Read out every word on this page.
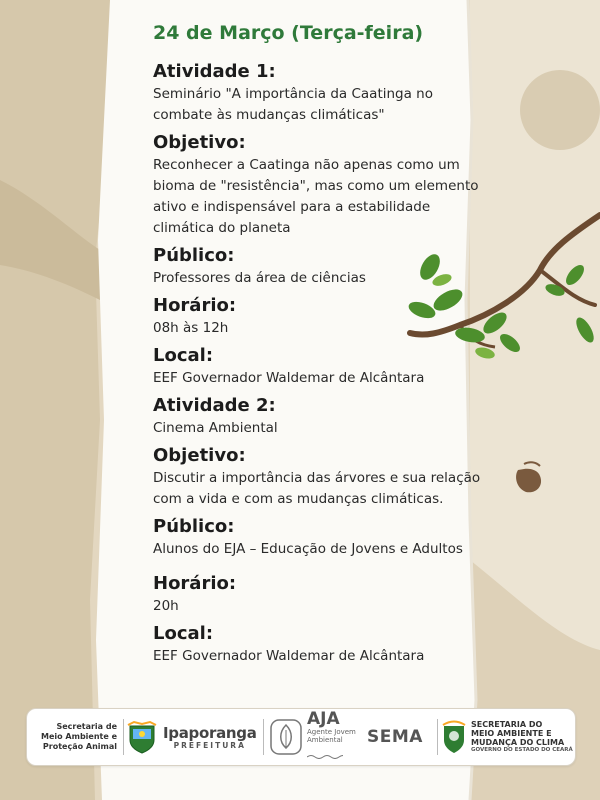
24 de Março (Terça-feira)

Atividade 1:

Seminário "A importância da Caatinga no combate às mudanças climáticas"

Objetivo:

Reconhecer a Caatinga não apenas como um bioma de "resistência", mas como um elemento ativo e indispensável para a estabilidade climática do planeta

Público:

Professores da área de ciências

Horário:

08h às 12h

Local:

EEF Governador Waldemar de Alcântara

Atividade 2:

Cinema Ambiental

Objetivo:

Discutir a importância das árvores e sua relação com a vida e com as mudanças climáticas.

Público:

Alunos do EJA – Educação de Jovens e Adultos

Horário:

20h

Local:

EEF Governador Waldemar de Alcântara

Secretaria de
Meio Ambiente e
Proteção Animal
Ipaporanga
PREFEITURA
AJA
Agente Jovem
Ambiental	SEMA
SECRETARIA DO
MEIO AMBIENTE E
MUDANÇA DO CLIMA
GOVERNO DO ESTADO DO CEARÁ
